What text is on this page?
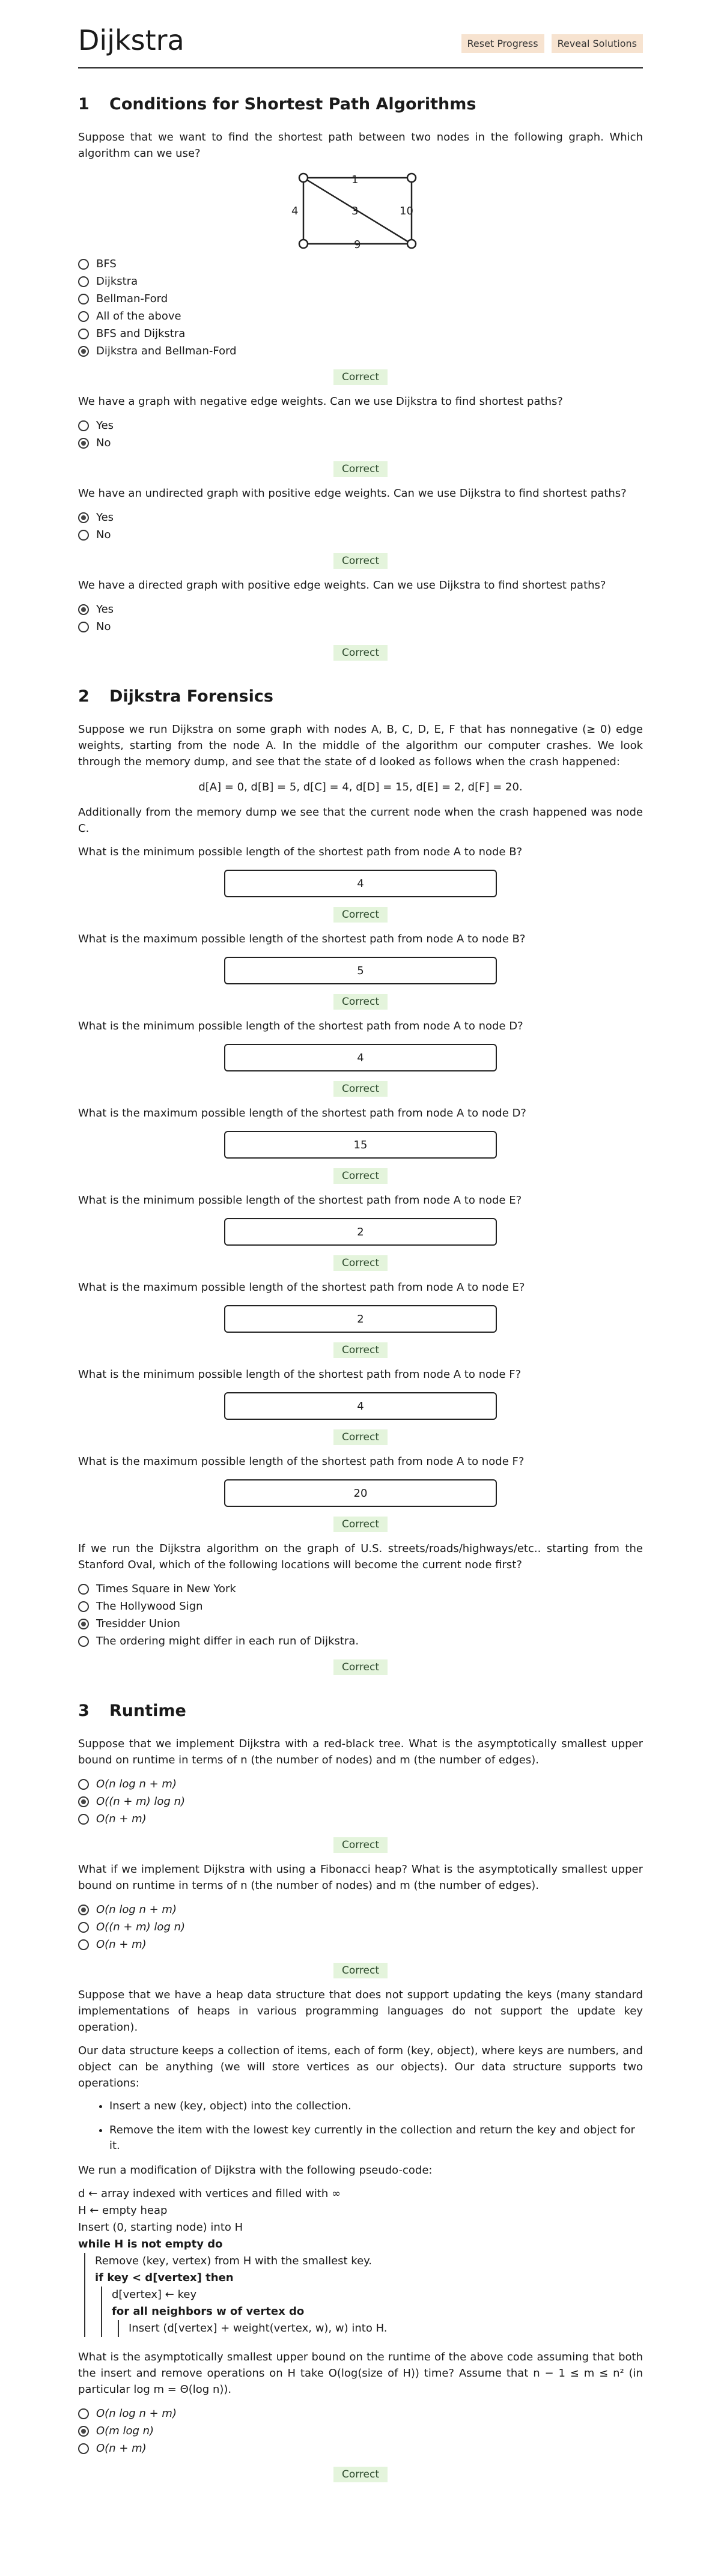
Dijkstra	Reset Progress	Reveal Solutions
1 Conditions for Shortest Path Algorithms

Suppose that we want to find the shortest path between two nodes in the following graph. Which algorithm can we use?

1
4	3	10
9
BFS
Dijkstra
Bellman-Ford
All of the above
BFS and Dijkstra
Dijkstra and Bellman-Ford
Correct

We have a graph with negative edge weights. Can we use Dijkstra to find shortest paths?

Yes
No
Correct

We have an undirected graph with positive edge weights. Can we use Dijkstra to find shortest paths?

Yes
No
Correct

We have a directed graph with positive edge weights. Can we use Dijkstra to find shortest paths?

Yes
No
Correct
2 Dijkstra Forensics

Suppose we run Dijkstra on some graph with nodes A, B, C, D, E, F that has nonnegative (≥ 0) edge weights, starting from the node A. In the middle of the algorithm our computer crashes. We look through the memory dump, and see that the state of d looked as follows when the crash happened:

d[A] = 0, d[B] = 5, d[C] = 4, d[D] = 15, d[E] = 2, d[F] = 20.

Additionally from the memory dump we see that the current node when the crash happened was node C.

What is the minimum possible length of the shortest path from node A to node B?

4
Correct

What is the maximum possible length of the shortest path from node A to node B?

5
Correct

What is the minimum possible length of the shortest path from node A to node D?

4
Correct

What is the maximum possible length of the shortest path from node A to node D?

15
Correct

What is the minimum possible length of the shortest path from node A to node E?

2
Correct

What is the maximum possible length of the shortest path from node A to node E?

2
Correct

What is the minimum possible length of the shortest path from node A to node F?

4
Correct

What is the maximum possible length of the shortest path from node A to node F?

20
Correct

If we run the Dijkstra algorithm on the graph of U.S. streets/roads/highways/etc.. starting from the Stanford Oval, which of the following locations will become the current node first?

Times Square in New York
The Hollywood Sign
Tresidder Union
The ordering might differ in each run of Dijkstra.
Correct
3 Runtime

Suppose that we implement Dijkstra with a red-black tree. What is the asymptotically smallest upper bound on runtime in terms of n (the number of nodes) and m (the number of edges).

O(n log n + m)
O((n + m) log n)
O(n + m)
Correct

What if we implement Dijkstra with using a Fibonacci heap? What is the asymptotically smallest upper bound on runtime in terms of n (the number of nodes) and m (the number of edges).

O(n log n + m)
O((n + m) log n)
O(n + m)
Correct

Suppose that we have a heap data structure that does not support updating the keys (many standard implementations of heaps in various programming languages do not support the update key operation).

Our data structure keeps a collection of items, each of form (key, object), where keys are numbers, and object can be anything (we will store vertices as our objects). Our data structure supports two operations:

• Insert a new (key, object) into the collection.
• Remove the item with the lowest key currently in the collection and return the key and object for it.

We run a modification of Dijkstra with the following pseudo-code:

d ← array indexed with vertices and filled with ∞
H ← empty heap
Insert (0, starting node) into H
while H is not empty do
Remove (key, vertex) from H with the smallest key.
if key < d[vertex] then
d[vertex] ← key
for all neighbors w of vertex do
Insert (d[vertex] + weight(vertex, w), w) into H.

What is the asymptotically smallest upper bound on the runtime of the above code assuming that both the insert and remove operations on H take O(log(size of H)) time? Assume that n − 1 ≤ m ≤ n² (in particular log m = Θ(log n)).

O(n log n + m)
O(m log n)
O(n + m)
Correct
